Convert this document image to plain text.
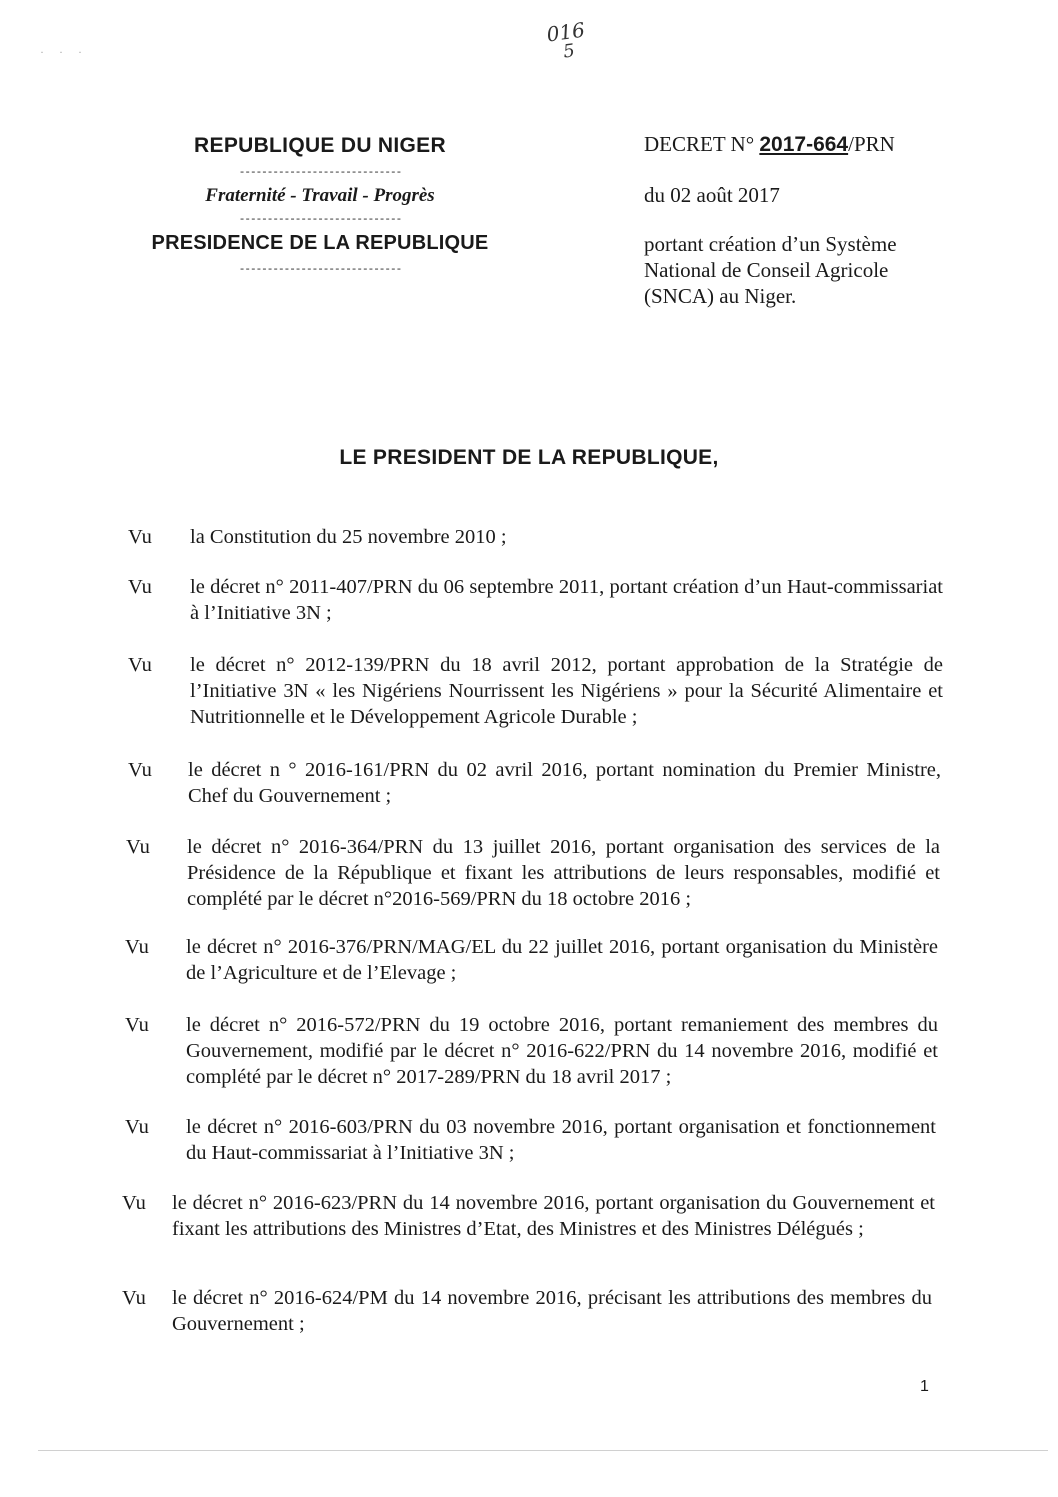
016
5
· · ·
REPUBLIQUE DU NIGER
-----------------------------
Fraternité - Travail - Progrès
-----------------------------
PRESIDENCE DE LA REPUBLIQUE
-----------------------------
DECRET N° 2017-664/PRN
du 02 août 2017
portant création d’un Système National de Conseil Agricole (SNCA) au Niger.
LE PRESIDENT DE LA REPUBLIQUE,
Vu la Constitution du 25 novembre 2010 ;
Vu le décret n° 2011-407/PRN du 06 septembre 2011, portant création d’un Haut-commissariat à l’Initiative 3N ;
Vu le décret n° 2012-139/PRN du 18 avril 2012, portant approbation de la Stratégie de l’Initiative 3N « les Nigériens Nourrissent les Nigériens » pour la Sécurité Alimentaire et Nutritionnelle et le Développement Agricole Durable ;
Vu le décret n ° 2016-161/PRN du 02 avril 2016, portant nomination du Premier Ministre, Chef du Gouvernement ;
Vu le décret n° 2016-364/PRN du 13 juillet 2016, portant organisation des services de la Présidence de la République et fixant les attributions de leurs responsables, modifié et complété par le décret n°2016-569/PRN du 18 octobre 2016 ;
Vu le décret n° 2016-376/PRN/MAG/EL du 22 juillet 2016, portant organisation du Ministère de l’Agriculture et de l’Elevage ;
Vu le décret n° 2016-572/PRN du 19 octobre 2016, portant remaniement des membres du Gouvernement, modifié par le décret n° 2016-622/PRN du 14 novembre 2016, modifié et complété par le décret n° 2017-289/PRN du 18 avril 2017 ;
Vu le décret n° 2016-603/PRN du 03 novembre 2016, portant organisation et fonctionnement du Haut-commissariat à l’Initiative 3N ;
Vu le décret n° 2016-623/PRN du 14 novembre 2016, portant organisation du Gouvernement et fixant les attributions des Ministres d’Etat, des Ministres et des Ministres Délégués ;
Vu le décret n° 2016-624/PM du 14 novembre 2016, précisant les attributions des membres du Gouvernement ;
1
